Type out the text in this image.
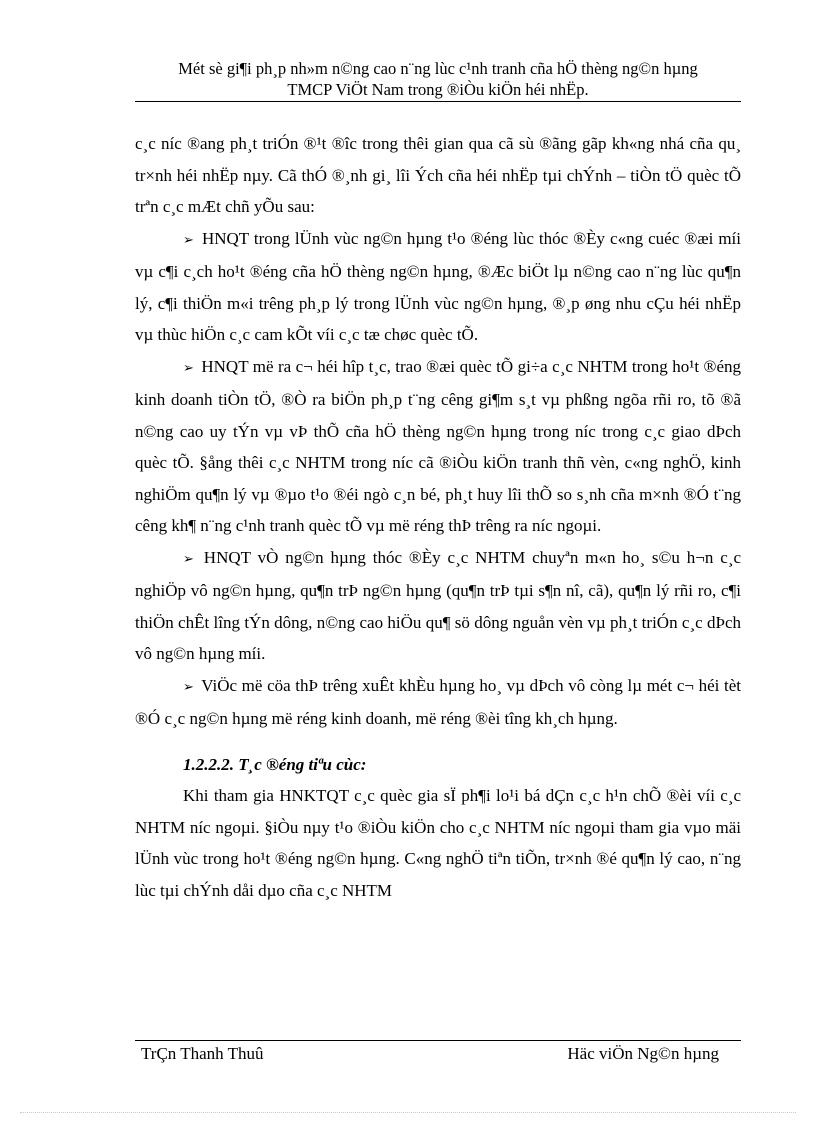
Mét sè gi¶i ph¸p nh»m n©ng cao n¨ng lùc c¹nh tranh cña hÖ thèng ng©n hµng
TMCP ViÖt Nam trong ®iÒu kiÖn héi nhËp.

c¸c níc ®ang ph¸t triÓn ®¹t ®îc trong thêi gian qua cã sù ®ãng gãp kh«ng nhá cña qu¸ tr×nh héi nhËp nµy. Cã thÓ ®¸nh gi¸ lîi Ých cña héi nhËp tµi chÝnh – tiÒn tÖ quèc tÕ trªn c¸c mÆt chñ yÕu sau:

➢ HNQT trong lÜnh vùc ng©n hµng t¹o ®éng lùc thóc ®Èy c«ng cuéc ®æi míi vµ c¶i c¸ch ho¹t ®éng cña hÖ thèng ng©n hµng, ®Æc biÖt lµ n©ng cao n¨ng lùc qu¶n lý, c¶i thiÖn m«i trêng ph¸p lý trong lÜnh vùc ng©n hµng, ®¸p øng nhu cÇu héi nhËp vµ thùc hiÖn c¸c cam kÕt víi c¸c tæ chøc quèc tÕ.

➢ HNQT më ra c¬ héi hîp t¸c, trao ®æi quèc tÕ gi÷a c¸c NHTM trong ho¹t ®éng kinh doanh tiÒn tÖ, ®Ò ra biÖn ph¸p t¨ng cêng gi¶m s¸t vµ phßng ngõa rñi ro, tõ ®ã n©ng cao uy tÝn vµ vÞ thÕ cña hÖ thèng ng©n hµng trong níc trong c¸c giao dÞch quèc tÕ. §ång thêi c¸c NHTM trong níc cã ®iÒu kiÖn tranh thñ vèn, c«ng nghÖ, kinh nghiÖm qu¶n lý vµ ®µo t¹o ®éi ngò c¸n bé, ph¸t huy lîi thÕ so s¸nh cña m×nh ®Ó t¨ng cêng kh¶ n¨ng c¹nh tranh quèc tÕ vµ më réng thÞ trêng ra níc ngoµi.

➢ HNQT vÒ ng©n hµng thóc ®Èy c¸c NHTM chuyªn m«n ho¸ s©u h¬n c¸c nghiÖp vô ng©n hµng, qu¶n trÞ ng©n hµng (qu¶n trÞ tµi s¶n nî, cã), qu¶n lý rñi ro, c¶i thiÖn chÊt lîng tÝn dông, n©ng cao hiÖu qu¶ sö dông nguån vèn vµ ph¸t triÓn c¸c dÞch vô ng©n hµng míi.

➢ ViÖc më cöa thÞ trêng xuÊt khÈu hµng ho¸ vµ dÞch vô còng lµ mét c¬ héi tèt ®Ó c¸c ng©n hµng më réng kinh doanh, më réng ®èi tîng kh¸ch hµng.

1.2.2.2. T¸c ®éng tiªu cùc:

Khi tham gia HNKTQT c¸c quèc gia sÏ ph¶i lo¹i bá dÇn c¸c h¹n chÕ ®èi víi c¸c NHTM níc ngoµi. §iÒu nµy t¹o ®iÒu kiÖn cho c¸c NHTM níc ngoµi tham gia vµo mäi lÜnh vùc trong ho¹t ®éng ng©n hµng. C«ng nghÖ tiªn tiÕn, tr×nh ®é qu¶n lý cao, n¨ng lùc tµi chÝnh dåi dµo cña c¸c NHTM

TrÇn Thanh Thuû	Häc viÖn Ng©n hµng
